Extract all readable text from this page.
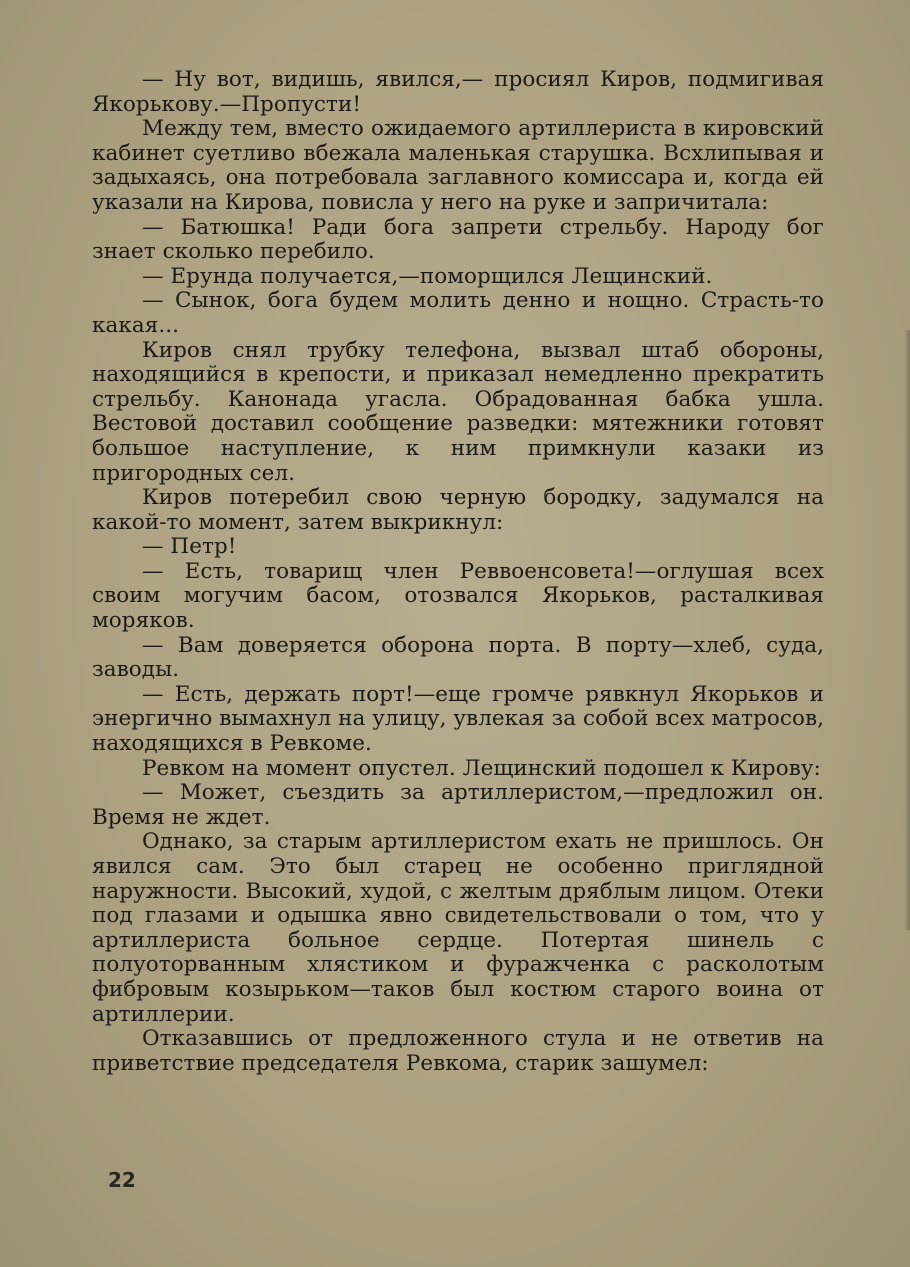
— Ну вот, видишь, явился,— просиял Киров, подмигивая Якорькову.—Пропусти!

Между тем, вместо ожидаемого артиллериста в кировский кабинет суетливо вбежала маленькая старушка. Всхлипывая и задыхаясь, она потребовала заглавного комиссара и, когда ей указали на Кирова, повисла у него на руке и запричитала:

— Батюшка! Ради бога запрети стрельбу. Народу бог знает сколько перебило.

— Ерунда получается,—поморщился Лещинский.

— Сынок, бога будем молить денно и нощно. Страсть-то какая...

Киров снял трубку телефона, вызвал штаб обороны, находящийся в крепости, и приказал немедленно прекратить стрельбу. Канонада угасла. Обрадованная бабка ушла. Вестовой доставил сообщение разведки: мятежники готовят большое наступление, к ним примкнули казаки из пригородных сел.

Киров потеребил свою черную бородку, задумался на какой-то момент, затем выкрикнул:

— Петр!

— Есть, товарищ член Реввоенсовета!—оглушая всех своим могучим басом, отозвался Якорьков, расталкивая моряков.

— Вам доверяется оборона порта. В порту—хлеб, суда, заводы.

— Есть, держать порт!—еще громче рявкнул Якорьков и энергично вымахнул на улицу, увлекая за собой всех матросов, находящихся в Ревкоме.

Ревком на момент опустел. Лещинский подошел к Кирову:

— Может, съездить за артиллеристом,—предложил он. Время не ждет.

Однако, за старым артиллеристом ехать не пришлось. Он явился сам. Это был старец не особенно приглядной наружности. Высокий, худой, с желтым дряблым лицом. Отеки под глазами и одышка явно свидетельствовали о том, что у артиллериста больное сердце. Потертая шинель с полуоторванным хлястиком и фуражченка с расколотым фибровым козырьком—таков был костюм старого воина от артиллерии.

Отказавшись от предложенного стула и не ответив на приветствие председателя Ревкома, старик зашумел:

22
